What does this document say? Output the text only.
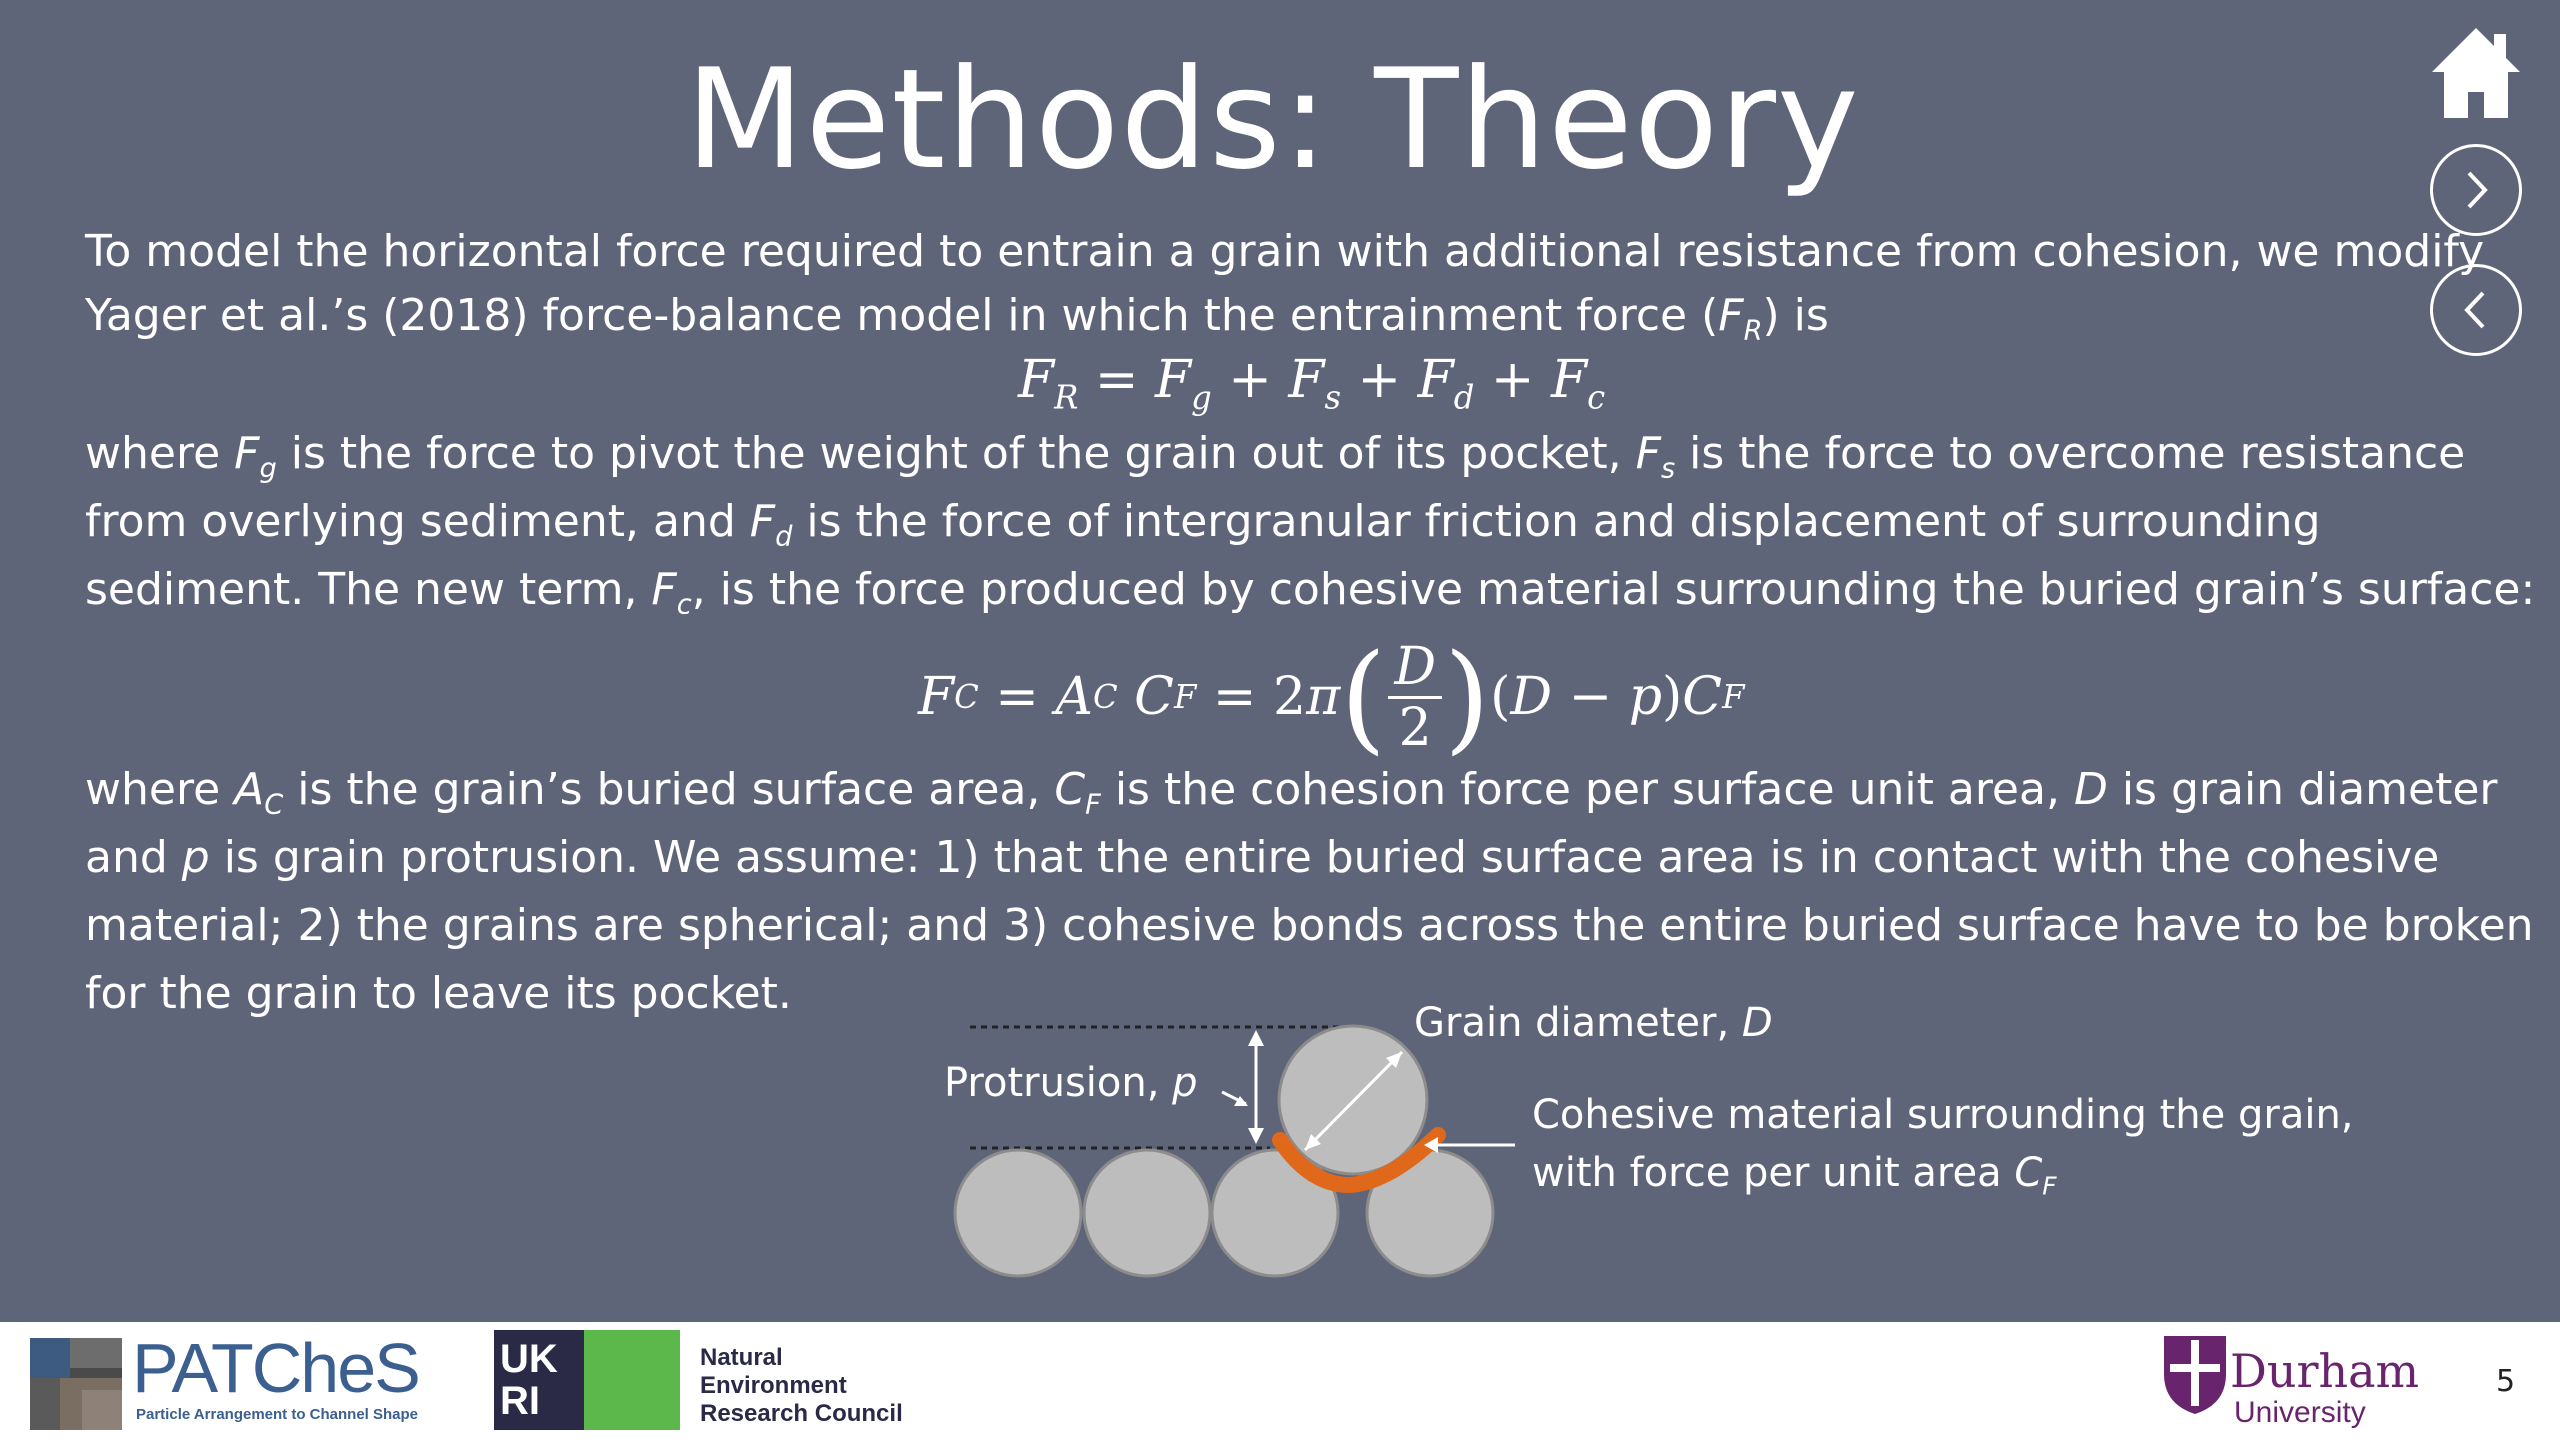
Methods: Theory
To model the horizontal force required to entrain a grain with additional resistance from cohesion, we modify
Yager et al.’s (2018) force-balance model in which the entrainment force $(F_R)$ is
$F_R = F_g + F_s + F_d + F_c$
where $F_g$ is the force to pivot the weight of the grain out of its pocket, $F_s$ is the force to overcome resistance
from overlying sediment, and $F_d$ is the force of intergranular friction and displacement of surrounding
sediment. The new term, $F_c$, is the force produced by cohesive material surrounding the buried grain’s surface:
F C
= A C C F
=
2 π ( $\frac{D}{2}$ ) ( D − p ) C F
where $A_C$ is the grain’s buried surface area, $C_F$ is the cohesion force per surface unit area, D is grain diameter
and p is grain protrusion. We assume: 1) that the entire buried surface area is in contact with the cohesive
material; 2) the grains are spherical; and 3) cohesive bonds across the entire buried surface have to be broken
for the grain to leave its pocket.
Grain diameter, D
Protrusion, p
Cohesive material surrounding the grain,
with force per unit area $C_F$
PATCheS
Particle Arrangement to Channel Shape
UKRI
Natural
Environment
Research Council
Durham
University
5
